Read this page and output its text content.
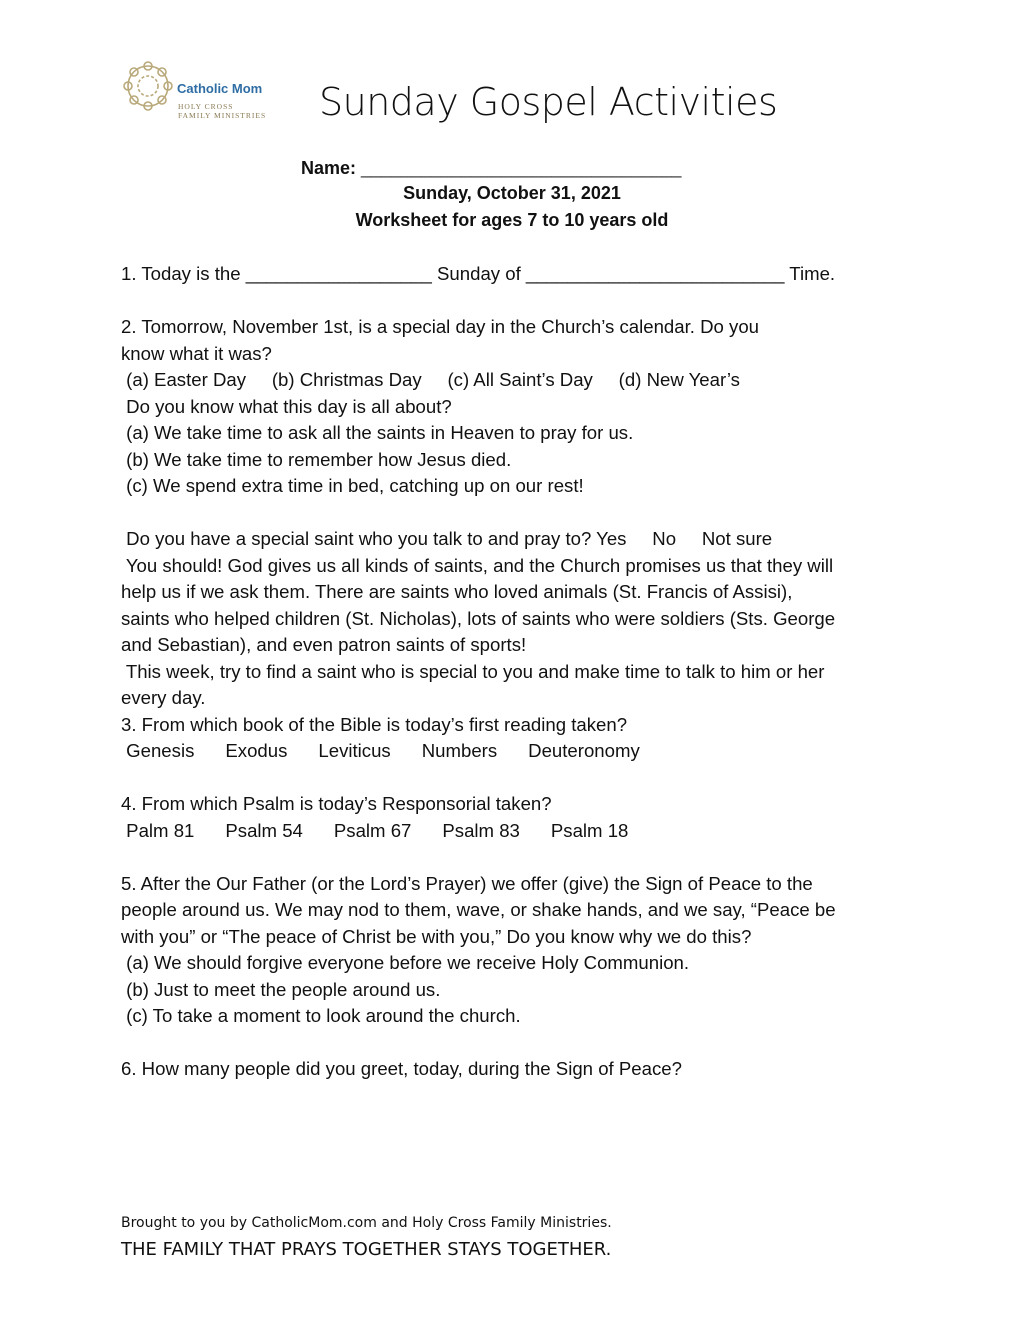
Catholic Mom
HOLY CROSS
FAMILY MINISTRIES Sunday Gospel Activities
Name: ________________________________
Sunday, October 31, 2021
Worksheet for ages 7 to 10 years old

1. Today is the __________________ Sunday of _________________________ Time.

2. Tomorrow, November 1st, is a special day in the Church’s calendar. Do you

know what it was?

(a) Easter Day     (b) Christmas Day     (c) All Saint’s Day     (d) New Year’s

Do you know what this day is all about?

(a) We take time to ask all the saints in Heaven to pray for us.

(b) We take time to remember how Jesus died.

(c) We spend extra time in bed, catching up on our rest!

Do you have a special saint who you talk to and pray to? Yes     No     Not sure

You should! God gives us all kinds of saints, and the Church promises us that they will

help us if we ask them. There are saints who loved animals (St. Francis of Assisi),

saints who helped children (St. Nicholas), lots of saints who were soldiers (Sts. George

and Sebastian), and even patron saints of sports!

This week, try to find a saint who is special to you and make time to talk to him or her

every day.

3. From which book of the Bible is today’s first reading taken?

Genesis      Exodus      Leviticus      Numbers      Deuteronomy

4. From which Psalm is today’s Responsorial taken?

Palm 81      Psalm 54      Psalm 67      Psalm 83      Psalm 18

5. After the Our Father (or the Lord’s Prayer) we offer (give) the Sign of Peace to the

people around us. We may nod to them, wave, or shake hands, and we say, “Peace be

with you” or “The peace of Christ be with you,” Do you know why we do this?

(a) We should forgive everyone before we receive Holy Communion.

(b) Just to meet the people around us.

(c) To take a moment to look around the church.

6. How many people did you greet, today, during the Sign of Peace?

Brought to you by CatholicMom.com and Holy Cross Family Ministries.
THE FAMILY THAT PRAYS TOGETHER STAYS TOGETHER.
